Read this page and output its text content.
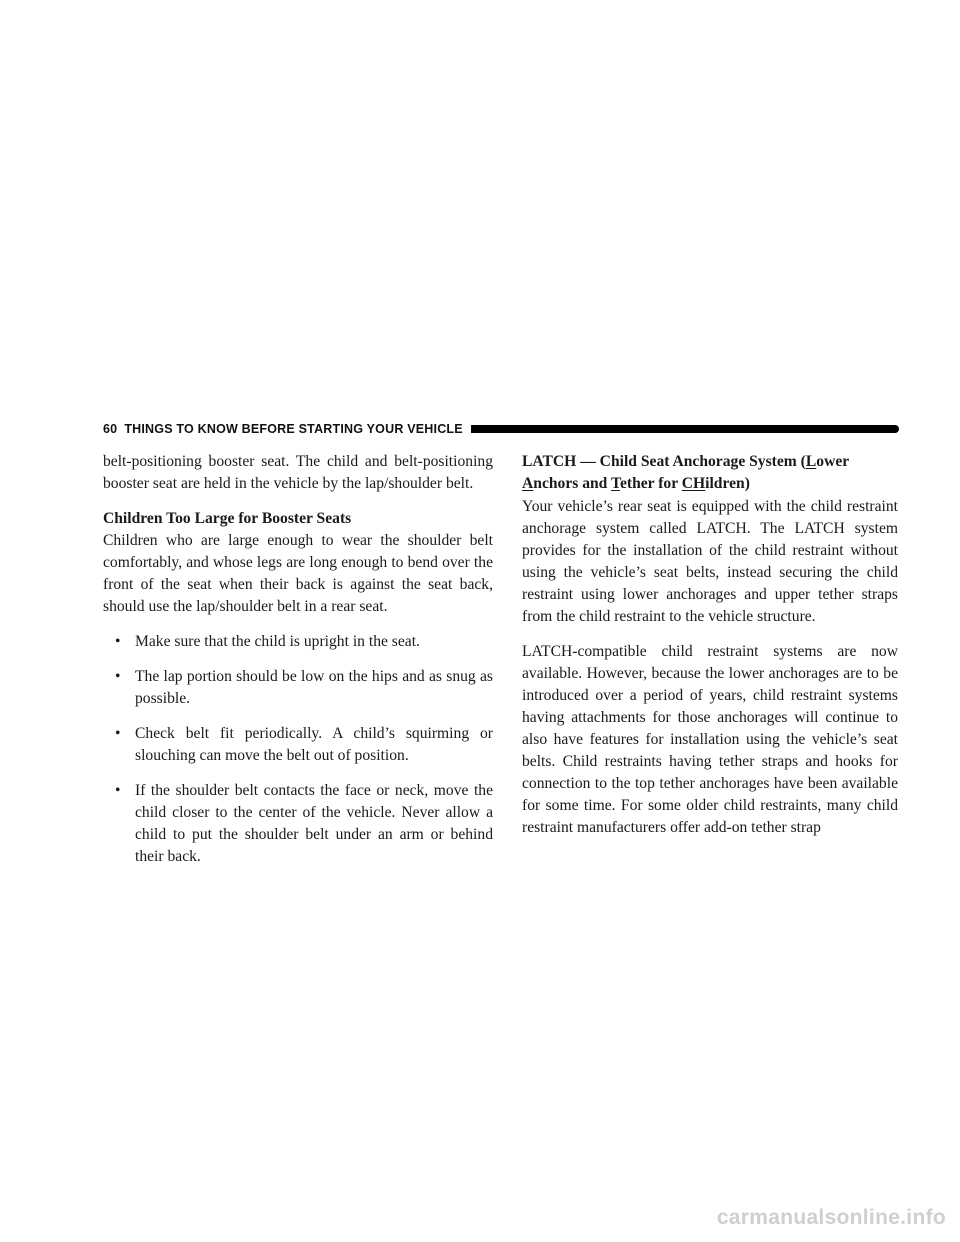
60 THINGS TO KNOW BEFORE STARTING YOUR VEHICLE

belt-positioning booster seat. The child and belt-positioning booster seat are held in the vehicle by the lap/shoulder belt.

Children Too Large for Booster Seats

Children who are large enough to wear the shoulder belt comfortably, and whose legs are long enough to bend over the front of the seat when their back is against the seat back, should use the lap/shoulder belt in a rear seat.

• Make sure that the child is upright in the seat.
• The lap portion should be low on the hips and as snug as possible.
• Check belt fit periodically. A child’s squirming or slouching can move the belt out of position.
• If the shoulder belt contacts the face or neck, move the child closer to the center of the vehicle. Never allow a child to put the shoulder belt under an arm or behind their back.
LATCH — Child Seat Anchorage System (Lower
Anchors and Tether for CHildren)

Your vehicle’s rear seat is equipped with the child restraint anchorage system called LATCH. The LATCH system provides for the installation of the child restraint without using the vehicle’s seat belts, instead securing the child restraint using lower anchorages and upper tether straps from the child restraint to the vehicle structure.

LATCH-compatible child restraint systems are now available. However, because the lower anchorages are to be introduced over a period of years, child restraint systems having attachments for those anchorages will continue to also have features for installation using the vehicle’s seat belts. Child restraints having tether straps and hooks for connection to the top tether anchorages have been available for some time. For some older child restraints, many child restraint manufacturers offer add-on tether strap

carmanualsonline.info
